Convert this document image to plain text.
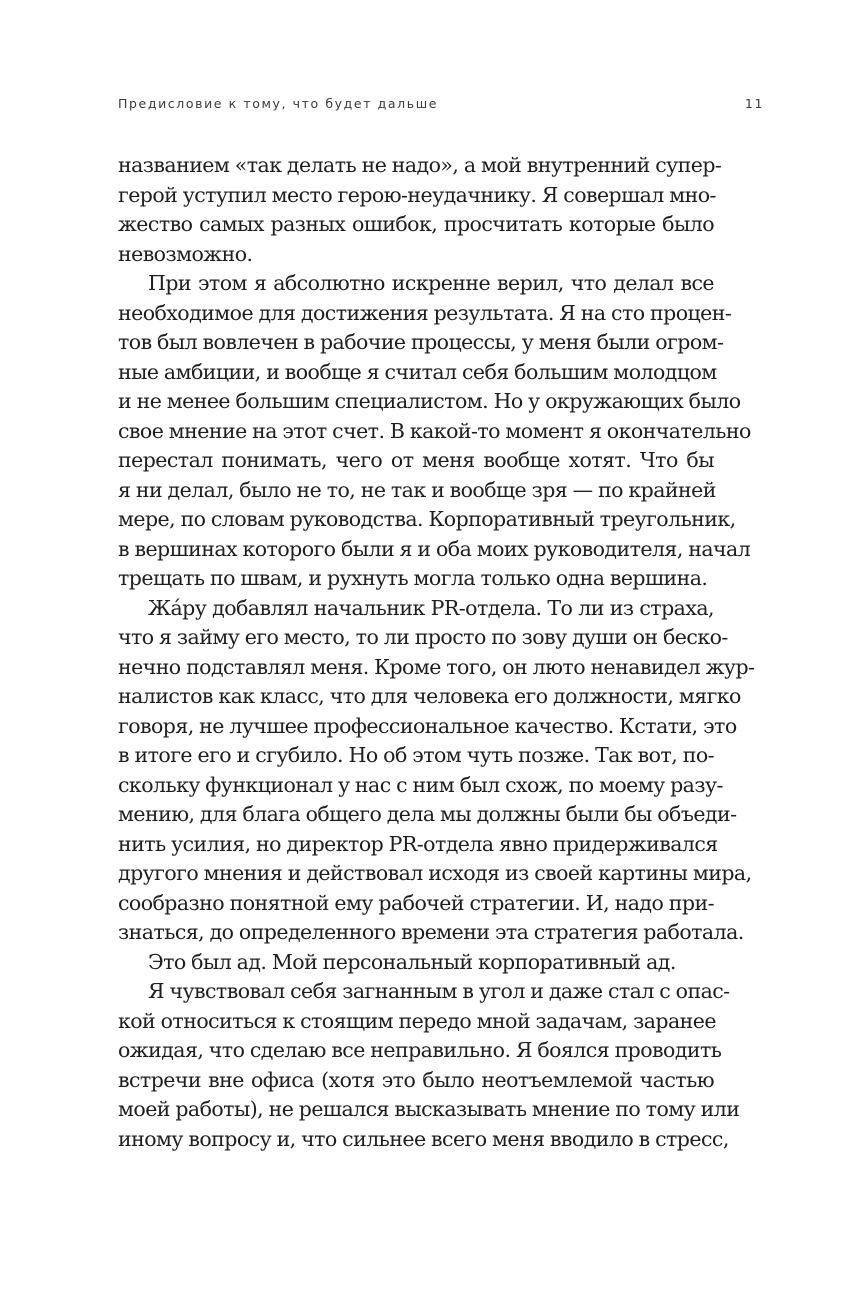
Предисловие к тому, что будет дальше	11
названием «так делать не надо», а мой внутренний супер-
герой уступил место герою-неудачнику. Я совершал мно-
жество самых разных ошибок, просчитать которые было
невозможно.
При этом я абсолютно искренне верил, что делал все
необходимое для достижения результата. Я на сто процен-
тов был вовлечен в рабочие процессы, у меня были огром-
ные амбиции, и вообще я считал себя большим молодцом
и не менее большим специалистом. Но у окружающих было
свое мнение на этот счет. В какой-то момент я окончательно
перестал понимать, чего от меня вообще хотят. Что бы
я ни делал, было не то, не так и вообще зря — по крайней
мере, по словам руководства. Корпоративный треугольник,
в вершинах которого были я и оба моих руководителя, начал
трещать по швам, и рухнуть могла только одна вершина.
Жáру добавлял начальник PR-отдела. То ли из страха,
что я займу его место, то ли просто по зову души он беско-
нечно подставлял меня. Кроме того, он люто ненавидел жур-
налистов как класс, что для человека его должности, мягко
говоря, не лучшее профессиональное качество. Кстати, это
в итоге его и сгубило. Но об этом чуть позже. Так вот, по-
скольку функционал у нас с ним был схож, по моему разу-
мению, для блага общего дела мы должны были бы объеди-
нить усилия, но директор PR-отдела явно придерживался
другого мнения и действовал исходя из своей картины мира,
сообразно понятной ему рабочей стратегии. И, надо при-
знаться, до определенного времени эта стратегия работала.
Это был ад. Мой персональный корпоративный ад.
Я чувствовал себя загнанным в угол и даже стал с опас-
кой относиться к стоящим передо мной задачам, заранее
ожидая, что сделаю все неправильно. Я боялся проводить
встречи вне офиса (хотя это было неотъемлемой частью
моей работы), не решался высказывать мнение по тому или
иному вопросу и, что сильнее всего меня вводило в стресс,
